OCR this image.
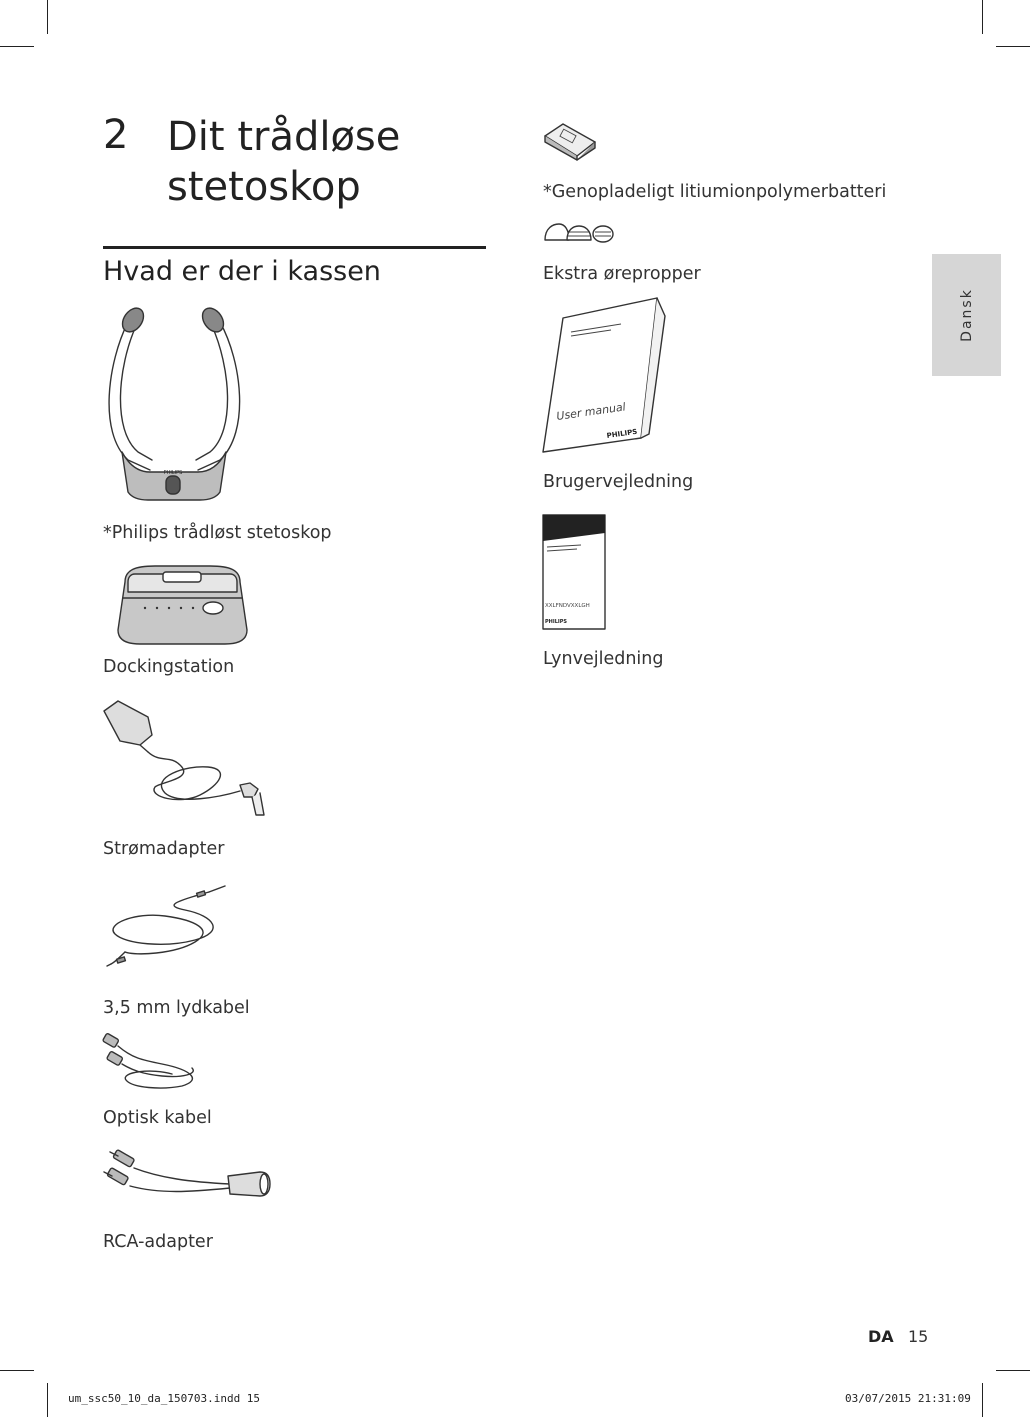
2 Dit trådløse
stetoskop
Hvad er der i kassen
Dansk
PHILIPS
*Philips trådløst stetoskop
Dockingstation
Strømadapter
3,5 mm lydkabel
Optisk kabel
RCA-adapter
User manual
PHILIPS
XXLFNDVXXLGH
PHILIPS
*Genopladeligt litiumionpolymerbatteri
Ekstra ørepropper
Brugervejledning
Lynvejledning
DA 15
um_ssc50_10_da_150703.indd 15	03/07/2015 21:31:09
